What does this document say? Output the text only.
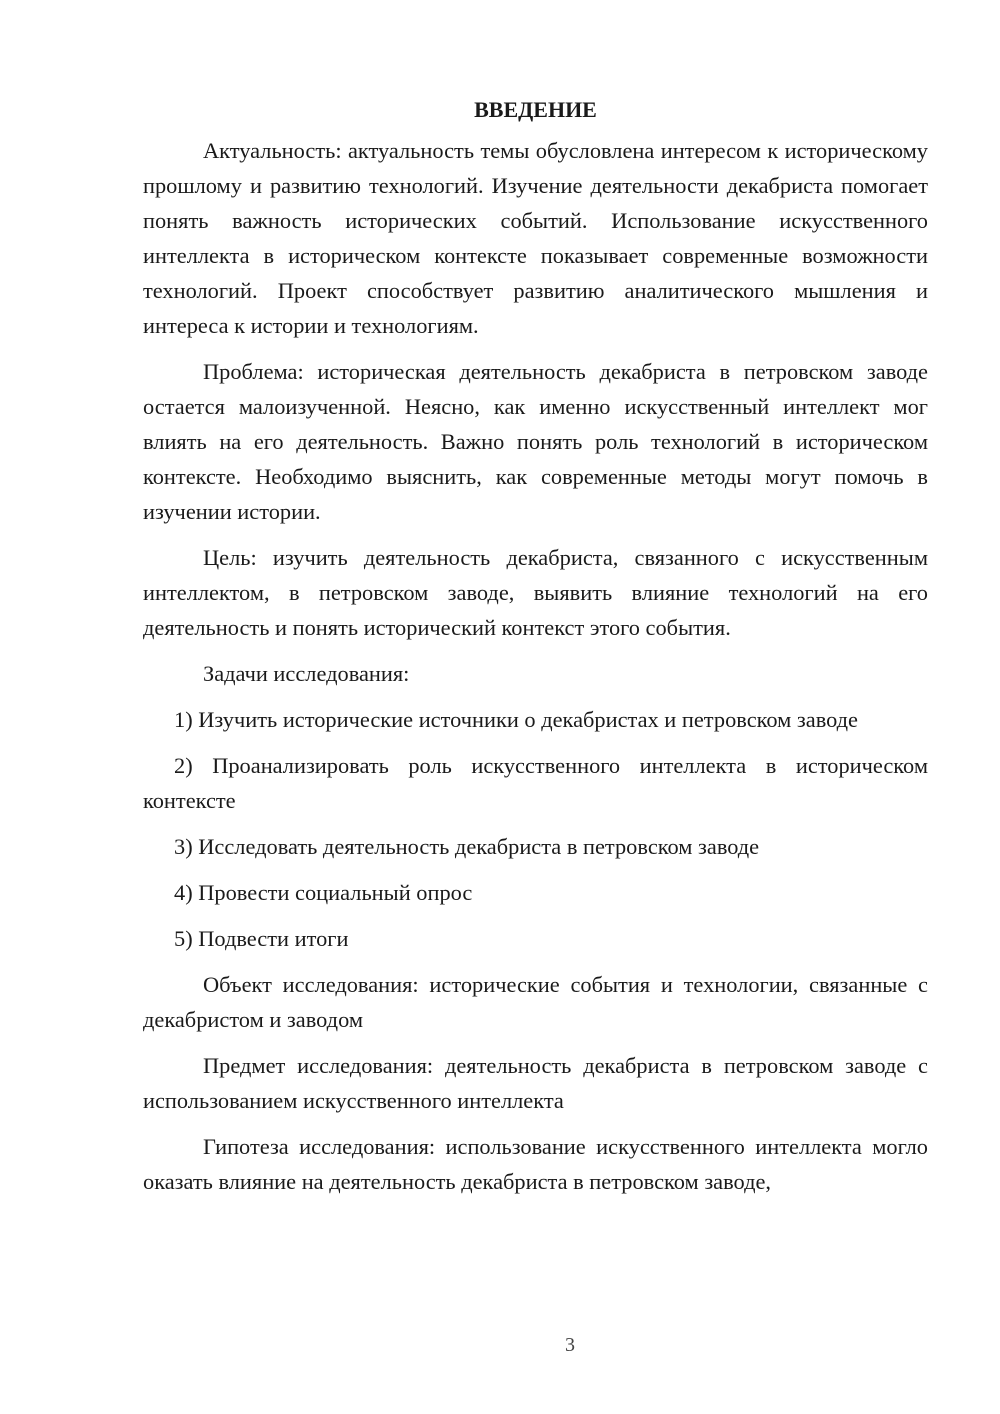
ВВЕДЕНИЕ
Актуальность: актуальность темы обусловлена интересом к историческому прошлому и развитию технологий. Изучение деятельности декабриста помогает понять важность исторических событий. Использование искусственного интеллекта в историческом контексте показывает современные возможности технологий. Проект способствует развитию аналитического мышления и интереса к истории и технологиям.
Проблема: историческая деятельность декабриста в петровском заводе остается малоизученной. Неясно, как именно искусственный интеллект мог влиять на его деятельность. Важно понять роль технологий в историческом контексте. Необходимо выяснить, как современные методы могут помочь в изучении истории.
Цель: изучить деятельность декабриста, связанного с искусственным интеллектом, в петровском заводе, выявить влияние технологий на его деятельность и понять исторический контекст этого события.
Задачи исследования:
1) Изучить исторические источники о декабристах и петровском заводе
2) Проанализировать роль искусственного интеллекта в историческом контексте
3) Исследовать деятельность декабриста в петровском заводе
4) Провести социальный опрос
5) Подвести итоги
Объект исследования: исторические события и технологии, связанные с декабристом и заводом
Предмет исследования: деятельность декабриста в петровском заводе с использованием искусственного интеллекта
Гипотеза исследования: использование искусственного интеллекта могло оказать влияние на деятельность декабриста в петровском заводе,
3
